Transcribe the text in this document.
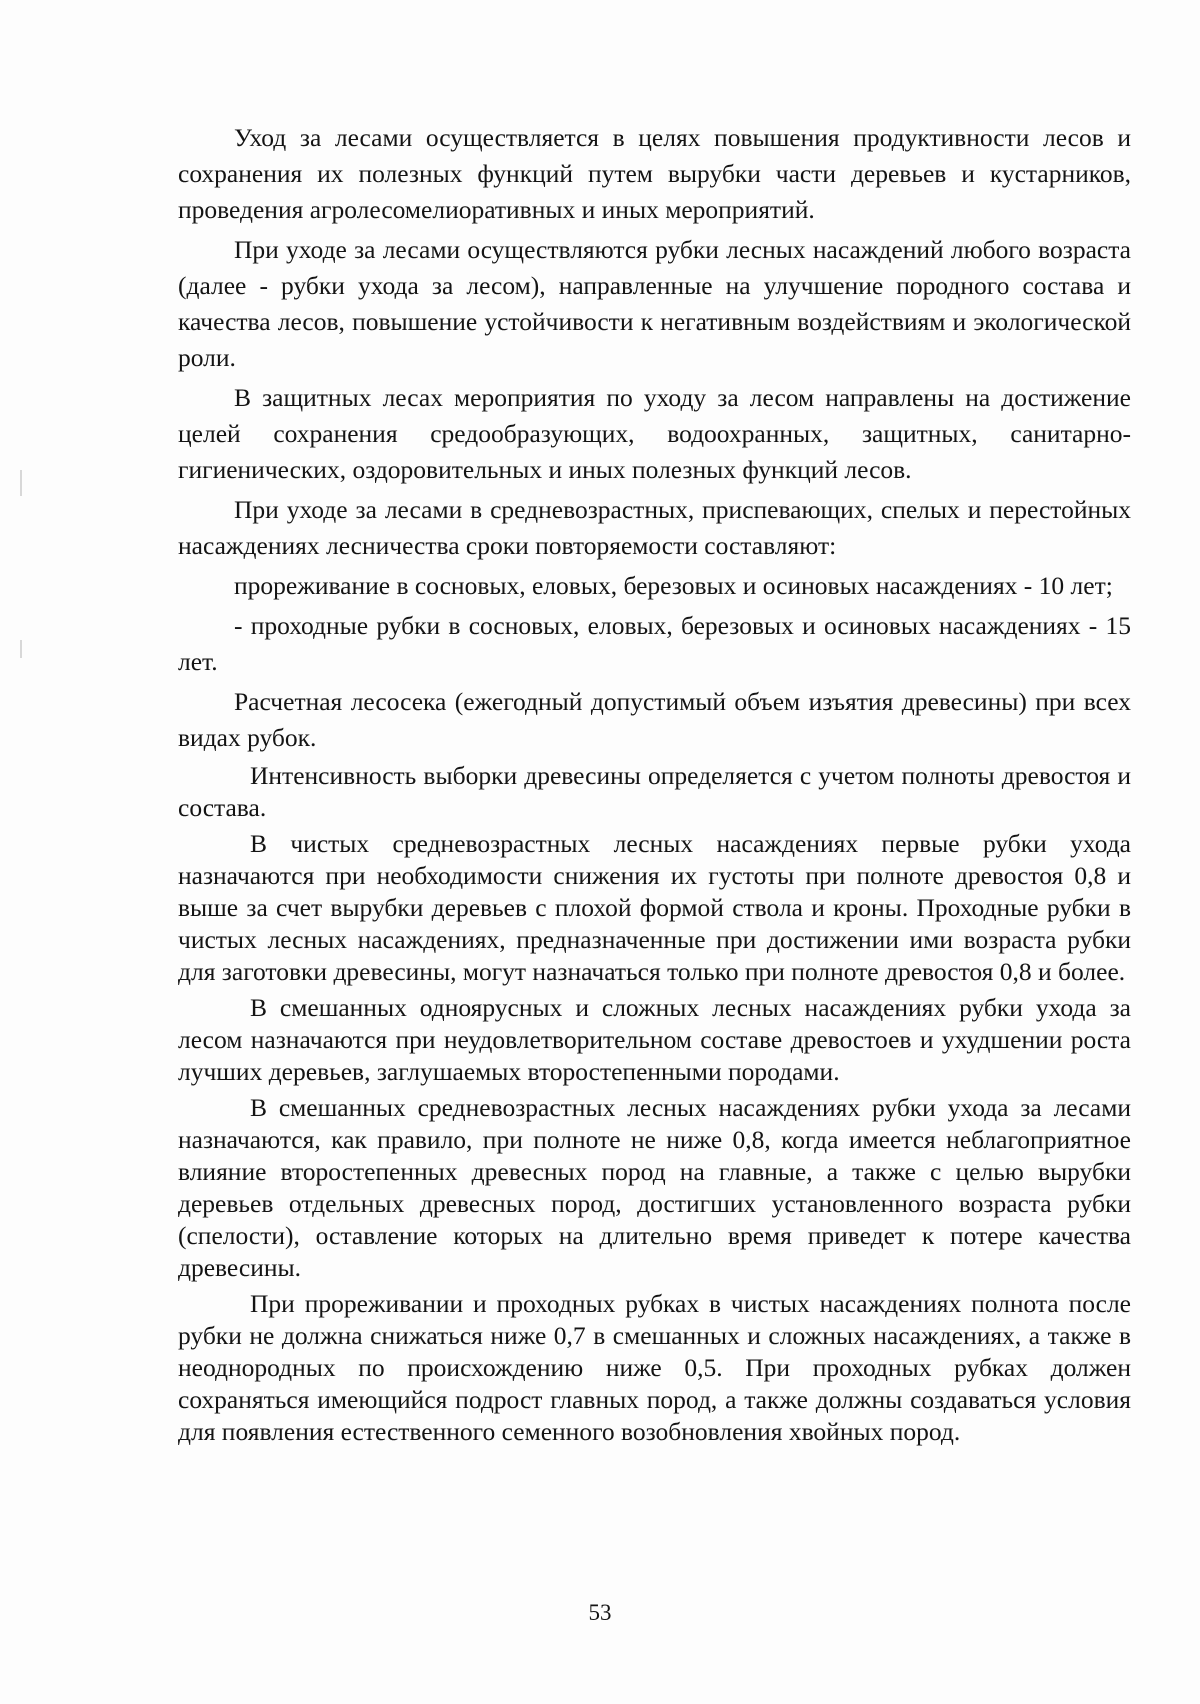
Уход за лесами осуществляется в целях повышения продуктивности лесов и сохранения их полезных функций путем вырубки части деревьев и кустарников, проведения агролесомелиоративных и иных мероприятий.

При уходе за лесами осуществляются рубки лесных насаждений любого возраста (далее - рубки ухода за лесом), направленные на улучшение породного состава и качества лесов, повышение устойчивости к негативным воздействиям и экологической роли.

В защитных лесах мероприятия по уходу за лесом направлены на достижение целей сохранения средообразующих, водоохранных, защитных, санитарно-гигиенических, оздоровительных и иных полезных функций лесов.

При уходе за лесами в средневозрастных, приспевающих, спелых и перестойных насаждениях лесничества сроки повторяемости составляют:

прореживание в сосновых, еловых, березовых и осиновых насаждениях - 10 лет;

- проходные рубки в сосновых, еловых, березовых и осиновых насаждениях - 15 лет.

Расчетная лесосека (ежегодный допустимый объем изъятия древесины) при всех видах рубок.

Интенсивность выборки древесины определяется с учетом полноты древостоя и состава.

В чистых средневозрастных лесных насаждениях первые рубки ухода назначаются при необходимости снижения их густоты при полноте древостоя 0,8 и выше за счет вырубки деревьев с плохой формой ствола и кроны. Проходные рубки в чистых лесных насаждениях, предназначенные при достижении ими возраста рубки для заготовки древесины, могут назначаться только при полноте древостоя 0,8 и более.

В смешанных одноярусных и сложных лесных насаждениях рубки ухода за лесом назначаются при неудовлетворительном составе древостоев и ухудшении роста лучших деревьев, заглушаемых второстепенными породами.

В смешанных средневозрастных лесных насаждениях рубки ухода за лесами назначаются, как правило, при полноте не ниже 0,8, когда имеется неблагоприятное влияние второстепенных древесных пород на главные, а также с целью вырубки деревьев отдельных древесных пород, достигших установленного возраста рубки (спелости), оставление которых на длительно время приведет к потере качества древесины.

При прореживании и проходных рубках в чистых насаждениях полнота после рубки не должна снижаться ниже 0,7 в смешанных и сложных насаждениях, а также в неоднородных по происхождению ниже 0,5. При проходных рубках должен сохраняться имеющийся подрост главных пород, а также должны создаваться условия для появления естественного семенного возобновления хвойных пород.

53
